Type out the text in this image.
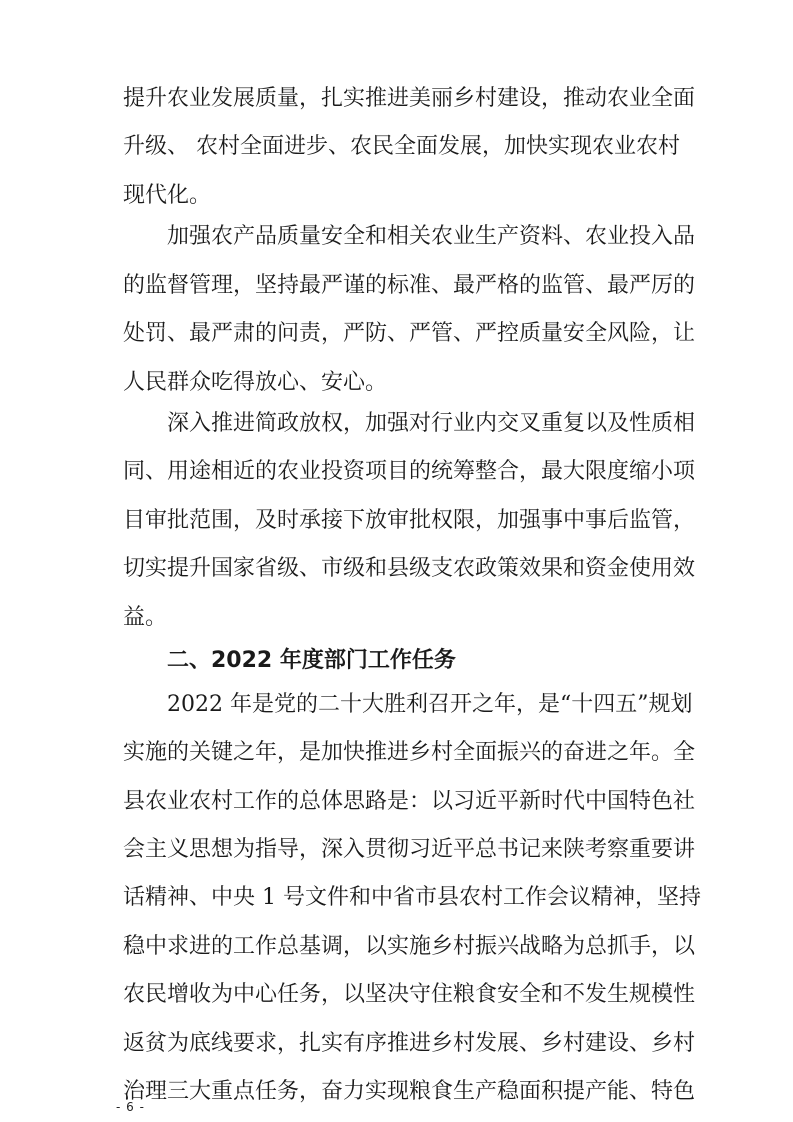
提升农业发展质量，扎实推进美丽乡村建设，推动农业全面
升级、 农村全面进步、农民全面发展，加快实现农业农村
现代化。
加强农产品质量安全和相关农业生产资料、农业投入品
的监督管理，坚持最严谨的标准、最严格的监管、最严厉的
处罚、最严肃的问责，严防、严管、严控质量安全风险，让
人民群众吃得放心、安心。
深入推进简政放权，加强对行业内交叉重复以及性质相
同、用途相近的农业投资项目的统筹整合，最大限度缩小项
目审批范围，及时承接下放审批权限，加强事中事后监管，
切实提升国家省级、市级和县级支农政策效果和资金使用效
益。
二、2022 年度部门工作任务
2022 年是党的二十大胜利召开之年，是“十四五”规划
实施的关键之年，是加快推进乡村全面振兴的奋进之年。全
县农业农村工作的总体思路是：以习近平新时代中国特色社
会主义思想为指导，深入贯彻习近平总书记来陕考察重要讲
话精神、中央 1 号文件和中省市县农村工作会议精神，坚持
稳中求进的工作总基调，以实施乡村振兴战略为总抓手，以
农民增收为中心任务，以坚决守住粮食安全和不发生规模性
返贫为底线要求，扎实有序推进乡村发展、乡村建设、乡村
治理三大重点任务，奋力实现粮食生产稳面积提产能、特色
- 6 -
